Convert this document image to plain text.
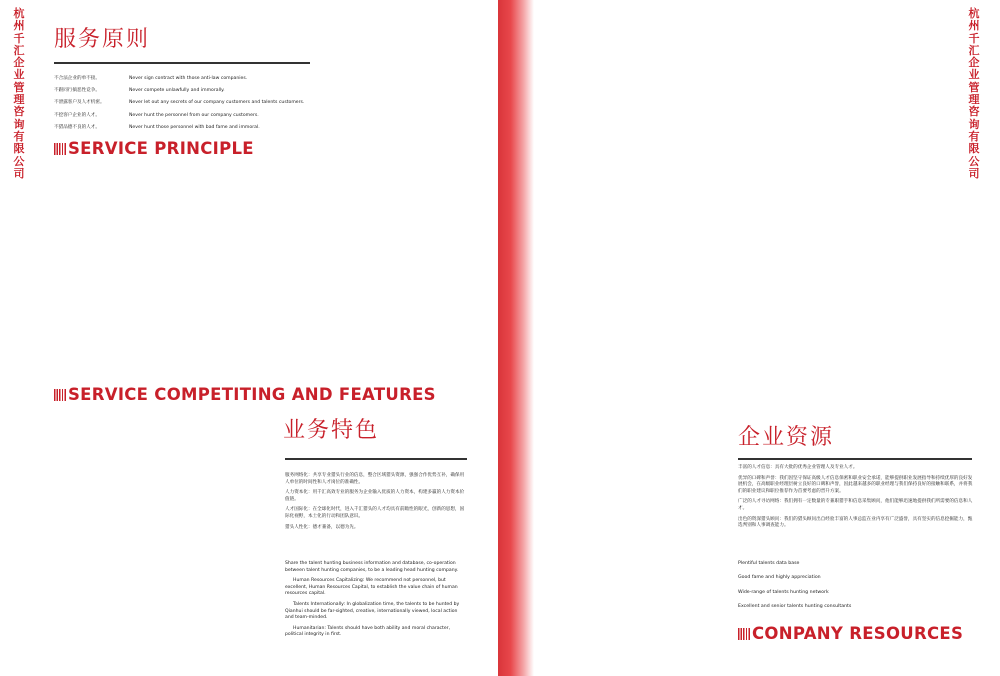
杭州千汇企业管理咨询有限公司
杭州千汇企业管理咨询有限公司
服务原则
不合法企业的单不接。	Never sign contract with those anti-law companies.
不跟同行搞恶性竞争。	Never compete unlawfully and immorally.
不泄露客户及人才机密。	Never let out any secrets of our company customers and talents customers.
不挖客户企业的人才。	Never hunt the personnel from our company customers.
不猎品德不良的人才。	Never hunt those personnel with bad fame and immoral.
SERVICE PRINCIPLE
SERVICE COMPETITING AND FEATURES
业务特色

服务网络化：共享专业猎头行业的信息，整合区域猎头资源，强强合作优势互补，确保用人单位的时间性和人才岗位的准确性。

人力资本化：用千汇高效专业的服务为企业输入优质的人力资本，构建多赢的人力资本价值链。

人才国际化：在全球化时代，进入千汇猎头的人才均具有前瞻性的眼光，创新的思想，国际化视野，本土化的行动和团队意识。

猎头人性化：德才兼备，以德为先。

Share the talent hunting business information and database, co-operation between talent hunting companies, to be a leading head hunting company.

Human Resources Capitalizing: We recommend not personnel, but excellent, Human Resources Capital, to establish the value chain of human resources capital.

Talents Internationally: In globalization time, the talents to be hunted by Qianhui should be far-sighted, creative, internationally viewed, local action and team-minded.

Humanitarian: Talents should have both ability and moral character, political integrity in first.

企业资源

丰富的人才信息：具有大批的优秀企业管理人及专业人才。

优异的口碑和声誉：我们因坚守保证高级人才信息保密和职业安全承诺，能够提供职业发展指导和持续优厚的良好发展机会，在高级职业经理层树立良好的口碑和声誉，因此越来越多的职业经理与我们保持良好的接触和联系，并将我们的职业建议和职位推荐作为首要考虑的晋升方案。

广泛的人才寻访网络：我们拥有一定数量的专兼职猎手和信息采集顾问，他们能够迅速地提供我们所需要的信息和人才。

出色的资深猎头顾问：我们的猎头顾问出自经验丰富的人事总监在业内享有广泛盛誉，具有坚实的信息挖掘能力，甄选判别和人事调查能力。

Plentiful talents data base
Good fame and highly appreciation
Wide-range of talents hunting network
Excellent and senior talents hunting consultants
CONPANY RESOURCES
